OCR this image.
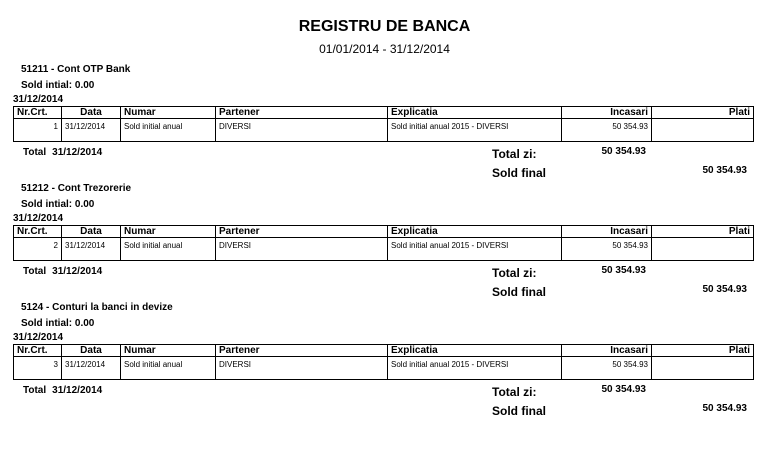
REGISTRU DE BANCA
01/01/2014 - 31/12/2014
51211 - Cont OTP Bank
Sold intial: 0.00
31/12/2014
Nr.Crt.	Data	Numar	Partener	Explicatia	Incasari	Plati
1	31/12/2014	Sold initial anual	DIVERSI	Sold initial anual 2015 - DIVERSI	50 354.93	
Total 31/12/2014	Total zi:	50 354.93
Sold final	50 354.93
51212 - Cont Trezorerie
Sold intial: 0.00
31/12/2014
Nr.Crt.	Data	Numar	Partener	Explicatia	Incasari	Plati
2	31/12/2014	Sold initial anual	DIVERSI	Sold initial anual 2015 - DIVERSI	50 354.93	
Total 31/12/2014	Total zi:	50 354.93
Sold final	50 354.93
5124 - Conturi la banci in devize
Sold intial: 0.00
31/12/2014
Nr.Crt.	Data	Numar	Partener	Explicatia	Incasari	Plati
3	31/12/2014	Sold initial anual	DIVERSI	Sold initial anual 2015 - DIVERSI	50 354.93	
Total 31/12/2014	Total zi:	50 354.93
Sold final	50 354.93
